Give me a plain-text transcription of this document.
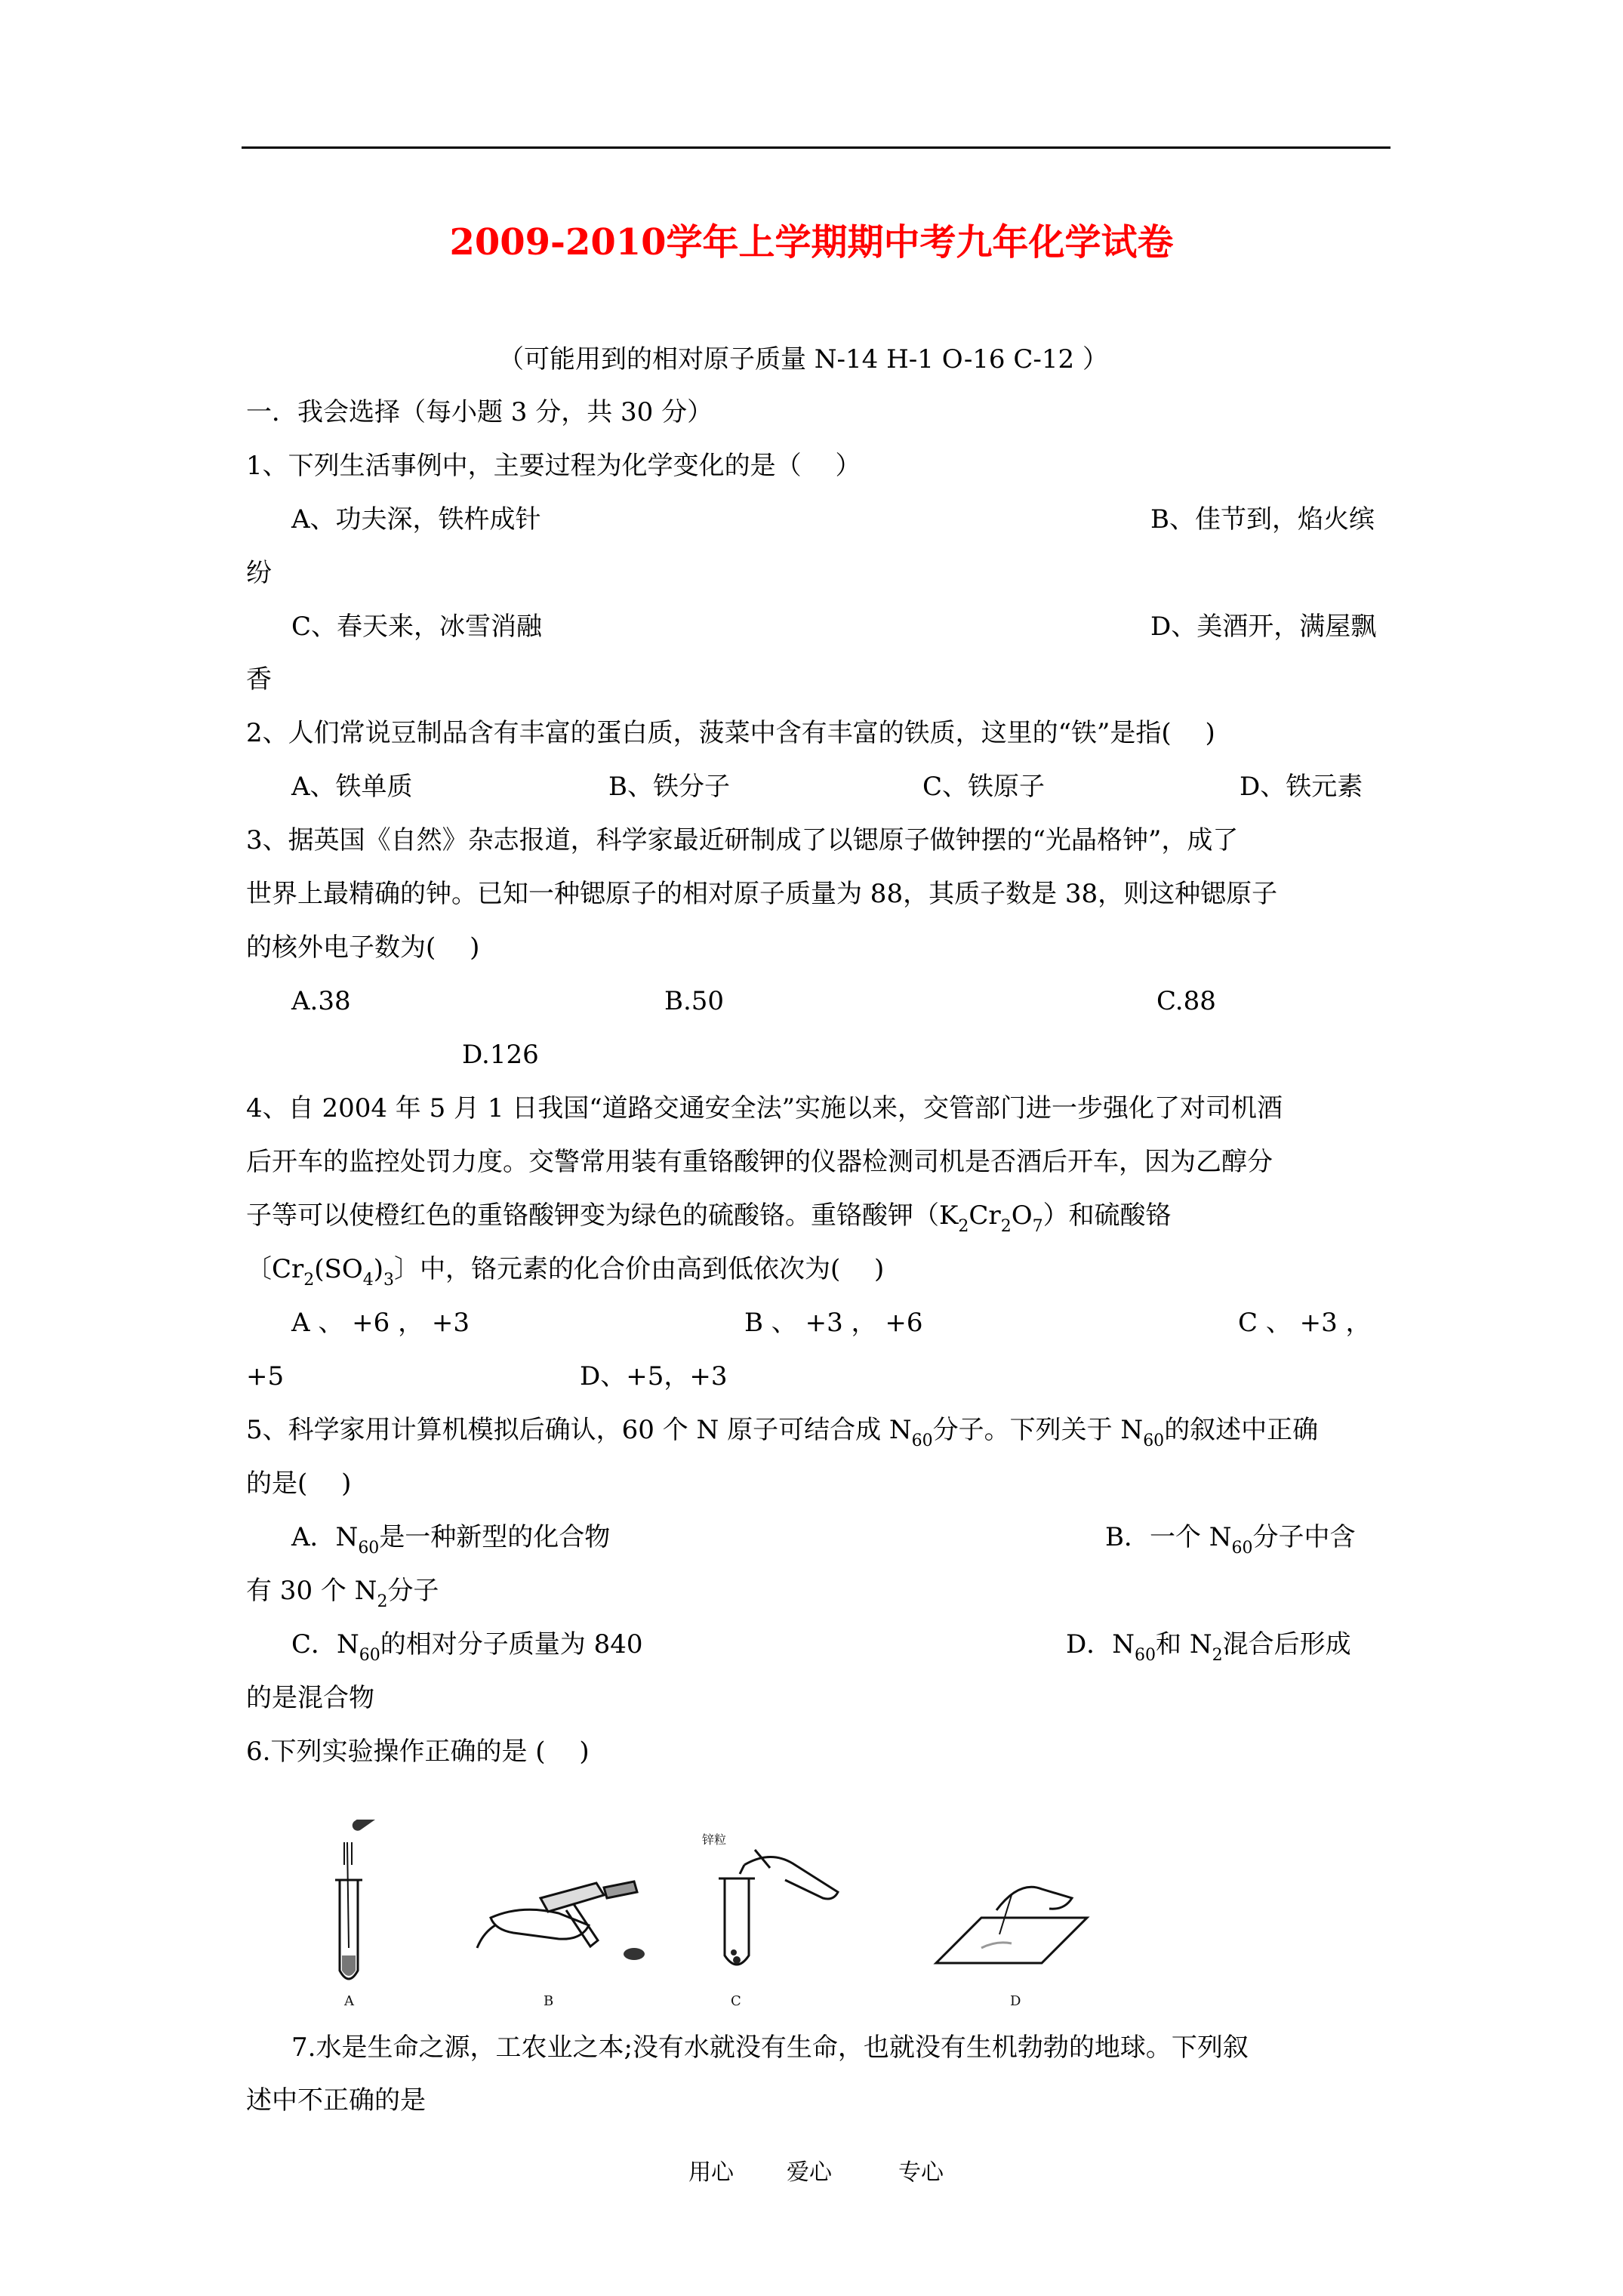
2009-2010学年上学期期中考九年化学试卷
（可能用到的相对原子质量 N-14 H-1 O-16 C-12 ）
一．我会选择（每小题 3 分，共 30 分）
1、下列生活事例中，主要过程为化学变化的是（　 ）
A、功夫深，铁杵成针	B、佳节到，焰火缤
纷
C、春天来，冰雪消融	D、美酒开，满屋飘
香
2、人们常说豆制品含有丰富的蛋白质，菠菜中含有丰富的铁质，这里的“铁”是指(　 )
A、铁单质	B、铁分子	C、铁原子	D、铁元素
3、据英国《自然》杂志报道，科学家最近研制成了以锶原子做钟摆的“光晶格钟”，成了
世界上最精确的钟。已知一种锶原子的相对原子质量为 88，其质子数是 38，则这种锶原子
的核外电子数为(　 )
A.38	B.50	C.88
D.126
4、自 2004 年 5 月 1 日我国“道路交通安全法”实施以来，交管部门进一步强化了对司机酒
后开车的监控处罚力度。交警常用装有重铬酸钾的仪器检测司机是否酒后开车，因为乙醇分
子等可以使橙红色的重铬酸钾变为绿色的硫酸铬。重铬酸钾$(K_2Cr_2O_7)$和硫酸铬
〔$Cr_2(SO_4)_3$〕中，铬元素的化合价由高到低依次为(　 )
A 、 +6 ， +3	B 、 +3 ， +6	C 、 +3 ，
+5	D、+5，+3
5、科学家用计算机模拟后确认，60 个 N 原子可结合成 $N_{60}$分子。下列关于 $N_{60}$的叙述中正确
的是(　 )
A．$N_{60}$是一种新型的化合物	B．一个 $N_{60}$分子中含
有 30 个 $N_2$分子
C．$N_{60}$的相对分子质量为 840	D．$N_{60}$和 $N_2$混合后形成
的是混合物
6.下列实验操作正确的是 (　 )
锌粒
A	B	C	D
7.水是生命之源，工农业之本;没有水就没有生命，也就没有生机勃勃的地球。下列叙
述中不正确的是
用心 爱心	专心
